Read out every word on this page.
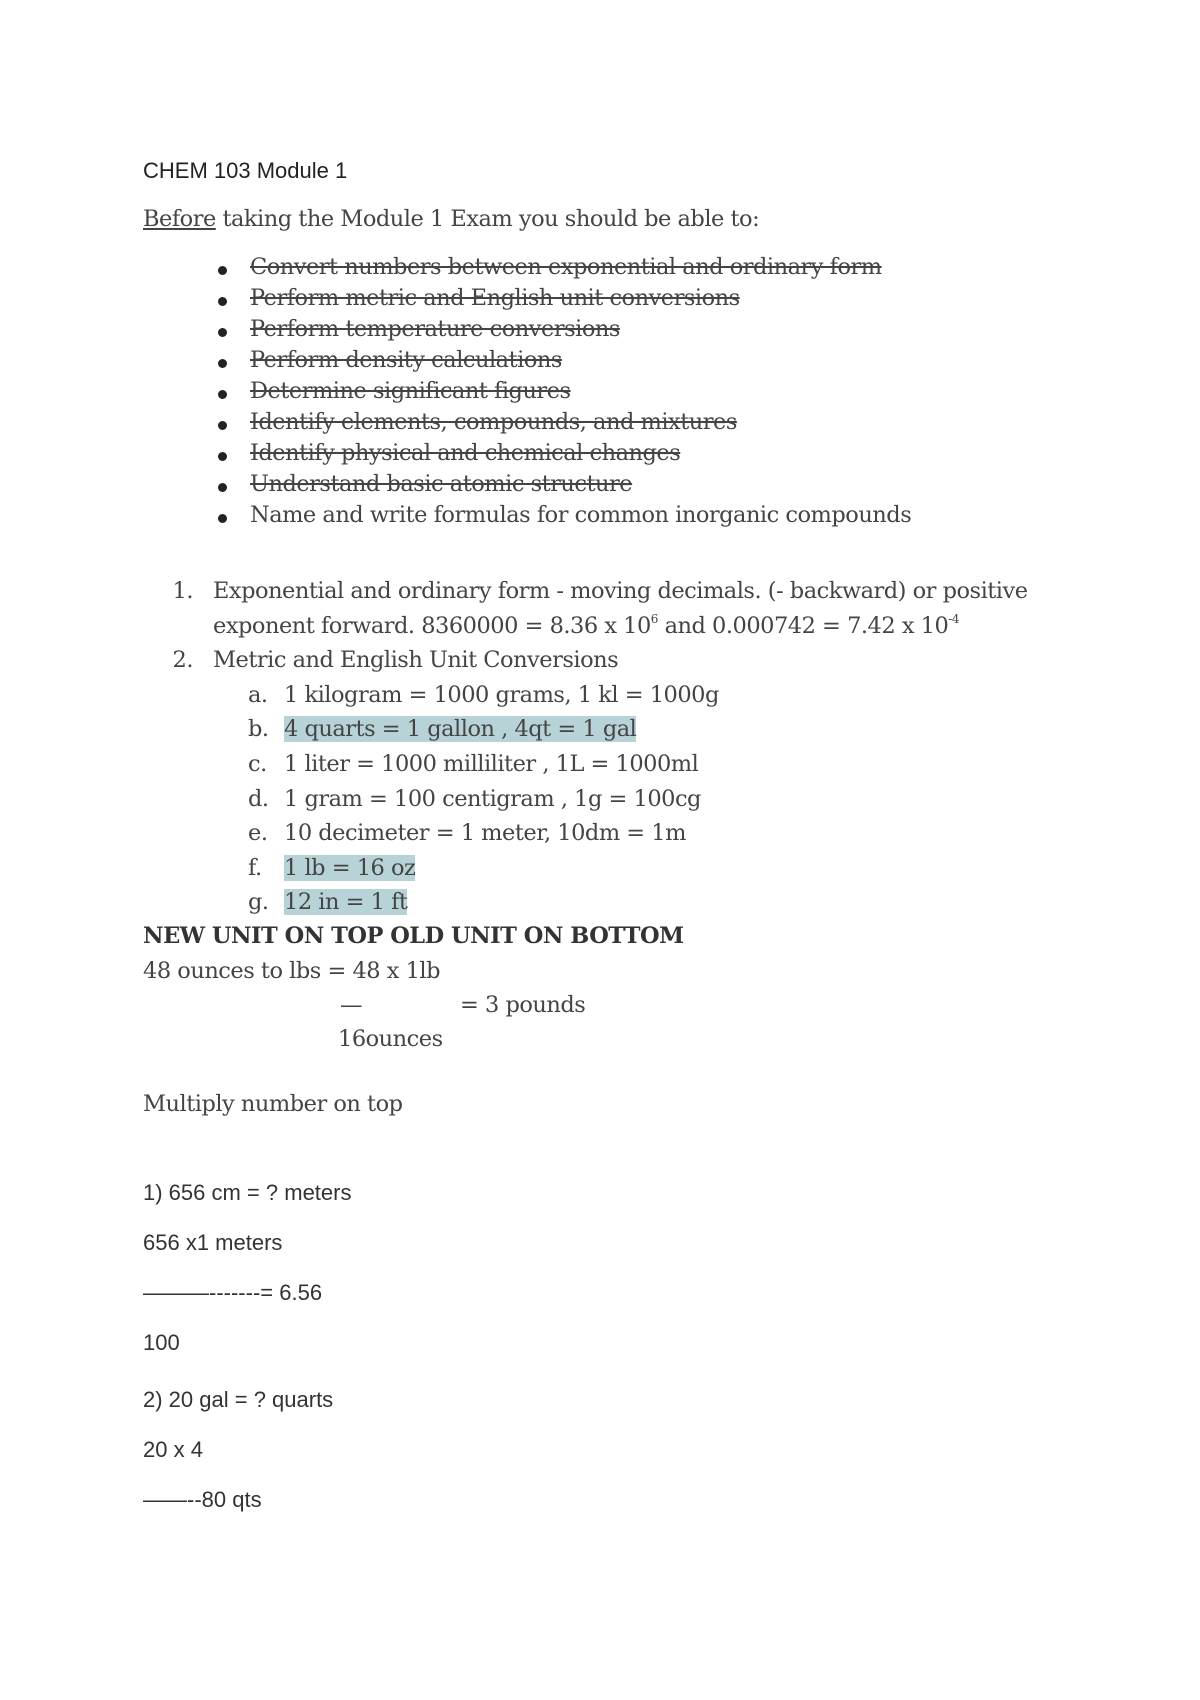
CHEM 103 Module 1
Before taking the Module 1 Exam you should be able to:
Convert numbers between exponential and ordinary form
Perform metric and English unit conversions
Perform temperature conversions
Perform density calculations
Determine significant figures
Identify elements, compounds, and mixtures
Identify physical and chemical changes
Understand basic atomic structure
Name and write formulas for common inorganic compounds
1. Exponential and ordinary form - moving decimals. (- backward) or positive
exponent forward. 8360000 = 8.36 x $10^6$ and 0.000742 = 7.42 x $10^{-4}$
2. Metric and English Unit Conversions
a. 1 kilogram = 1000 grams, 1 kl = 1000g
b. 4 quarts = 1 gallon , 4qt = 1 gal
c. 1 liter = 1000 milliliter , 1L = 1000ml
d. 1 gram = 100 centigram , 1g = 100cg
e. 10 decimeter = 1 meter, 10dm = 1m
f. 1 lb = 16 oz
g. 12 in = 1 ft
NEW UNIT ON TOP OLD UNIT ON BOTTOM
48 ounces to lbs = 48 x 1lb
—	= 3 pounds
16ounces
Multiply number on top
1) 656 cm = ? meters
656 x1 meters
———-------= 6.56
100
2) 20 gal = ? quarts
20 x 4
——--80 qts
